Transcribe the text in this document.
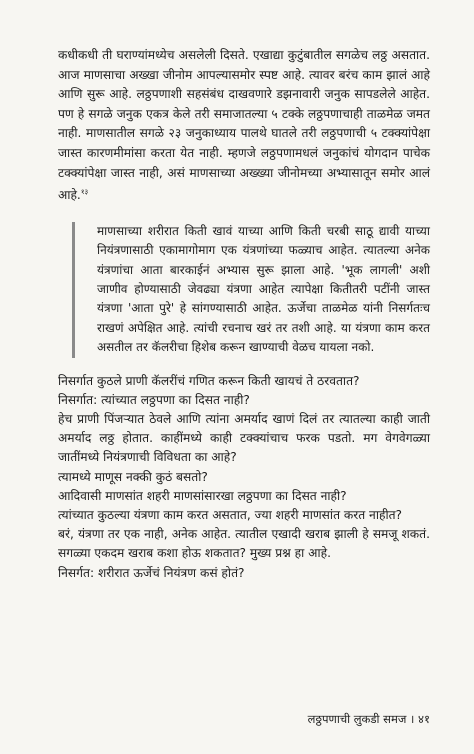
कधीकधी ती घराण्यांमध्येच असलेली दिसते. एखाद्या कुटुंबातील सगळेच लठ्ठ असतात. आज माणसाचा अख्खा जीनोम आपल्यासमोर स्पष्ट आहे. त्यावर बरंच काम झालं आहे आणि सुरू आहे. लठ्ठपणाशी सहसंबंध दाखवणारे डझनावारी जनुक सापडलेले आहेत. पण हे सगळे जनुक एकत्र केले तरी समाजातल्या ५ टक्के लठ्ठपणाचाही ताळमेळ जमत नाही. माणसातील सगळे २३ जनुकाध्याय पालथे घातले तरी लठ्ठपणाची ५ टक्क्यांपेक्षा जास्त कारणमीमांसा करता येत नाही. म्हणजे लठ्ठपणामधलं जनुकांचं योगदान पाचेक टक्क्यांपेक्षा जास्त नाही, असं माणसाच्या अख्ख्या जीनोमच्या अभ्यासातून समोर आलं आहे.$^{१३}$

माणसाच्या शरीरात किती खावं याच्या आणि किती चरबी साठू द्यावी याच्या नियंत्रणासाठी एकामागोमाग एक यंत्रणांच्या फळ्याच आहेत. त्यातल्या अनेक यंत्रणांचा आता बारकाईनं अभ्यास सुरू झाला आहे. 'भूक लागली' अशी जाणीव होण्यासाठी जेवढ्या यंत्रणा आहेत त्यापेक्षा कितीतरी पटींनी जास्त यंत्रणा 'आता पुरे' हे सांगण्यासाठी आहेत. ऊर्जेचा ताळमेळ यांनी निसर्गतःच राखणं अपेक्षित आहे. त्यांची रचनाच खरं तर तशी आहे. या यंत्रणा काम करत असतील तर कॅलरीचा हिशेब करून खाण्याची वेळच यायला नको.

निसर्गात कुठले प्राणी कॅलरींचं गणित करून किती खायचं ते ठरवतात?

निसर्गात: त्यांच्यात लठ्ठपणा का दिसत नाही?

हेच प्राणी पिंजऱ्यात ठेवले आणि त्यांना अमर्याद खाणं दिलं तर त्यातल्या काही जाती अमर्याद लठ्ठ होतात. काहींमध्ये काही टक्क्यांचाच फरक पडतो. मग वेगवेगळ्या जातींमध्ये नियंत्रणाची विविधता का आहे?

त्यामध्ये माणूस नक्की कुठं बसतो?

आदिवासी माणसांत शहरी माणसांसारखा लठ्ठपणा का दिसत नाही?

त्यांच्यात कुठल्या यंत्रणा काम करत असतात, ज्या शहरी माणसांत करत नाहीत?

बरं, यंत्रणा तर एक नाही, अनेक आहेत. त्यातील एखादी खराब झाली हे समजू शकतं. सगळ्या एकदम खराब कशा होऊ शकतात? मुख्य प्रश्न हा आहे.

निसर्गत: शरीरात ऊर्जेचं नियंत्रण कसं होतं?

लठ्ठपणाची लुकडी समज । ४१
